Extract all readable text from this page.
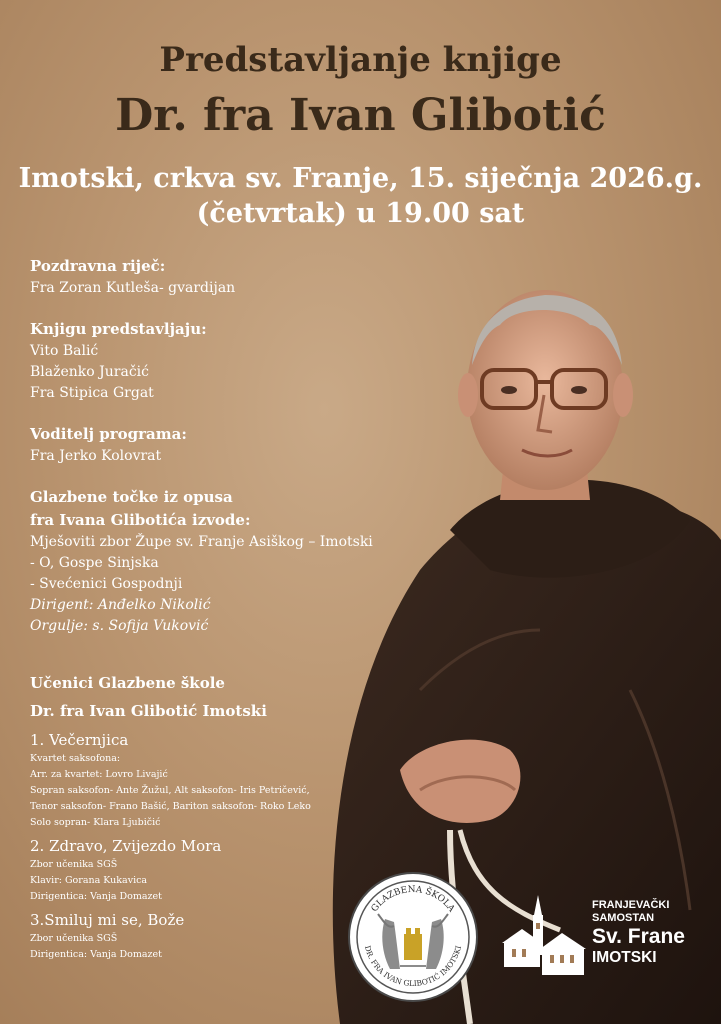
Predstavljanje knjige
Dr. fra Ivan Glibotić
Imotski, crkva sv. Franje, 15. siječnja 2026.g.
(četvrtak) u 19.00 sat
Pozdravna riječ:
Fra Zoran Kutleša- gvardijan
Knjigu predstavljaju:
Vito Balić
Blaženko Juračić
Fra Stipica Grgat
Voditelj programa:
Fra Jerko Kolovrat
Glazbene točke iz opusa
fra Ivana Glibotića izvode:
Mješoviti zbor Župe sv. Franje Asiškog – Imotski
- O, Gospe Sinjska
- Svećenici Gospodnji
Dirigent: Anđelko Nikolić
Orgulje: s. Sofija Vuković
Učenici Glazbene škole
Dr. fra Ivan Glibotić Imotski
1. Večernjica
Kvartet saksofona:
Arr. za kvartet: Lovro Livajić
Sopran saksofon- Ante Žužul, Alt saksofon- Iris Petričević,
Tenor saksofon- Frano Bašić, Bariton saksofon- Roko Leko
Solo sopran- Klara Ljubičić
2. Zdravo, Zvijezdo Mora
Zbor učenika SGŠ
Klavir: Gorana Kukavica
Dirigentica: Vanja Domazet
3.Smiluj mi se, Bože
Zbor učenika SGŠ
Dirigentica: Vanja Domazet
GLAZBENA ŠKOLA
DR. FRA IVAN GLIBOTIĆ IMOTSKI
FRANJEVAČKI
SAMOSTAN
Sv. Frane
IMOTSKI
